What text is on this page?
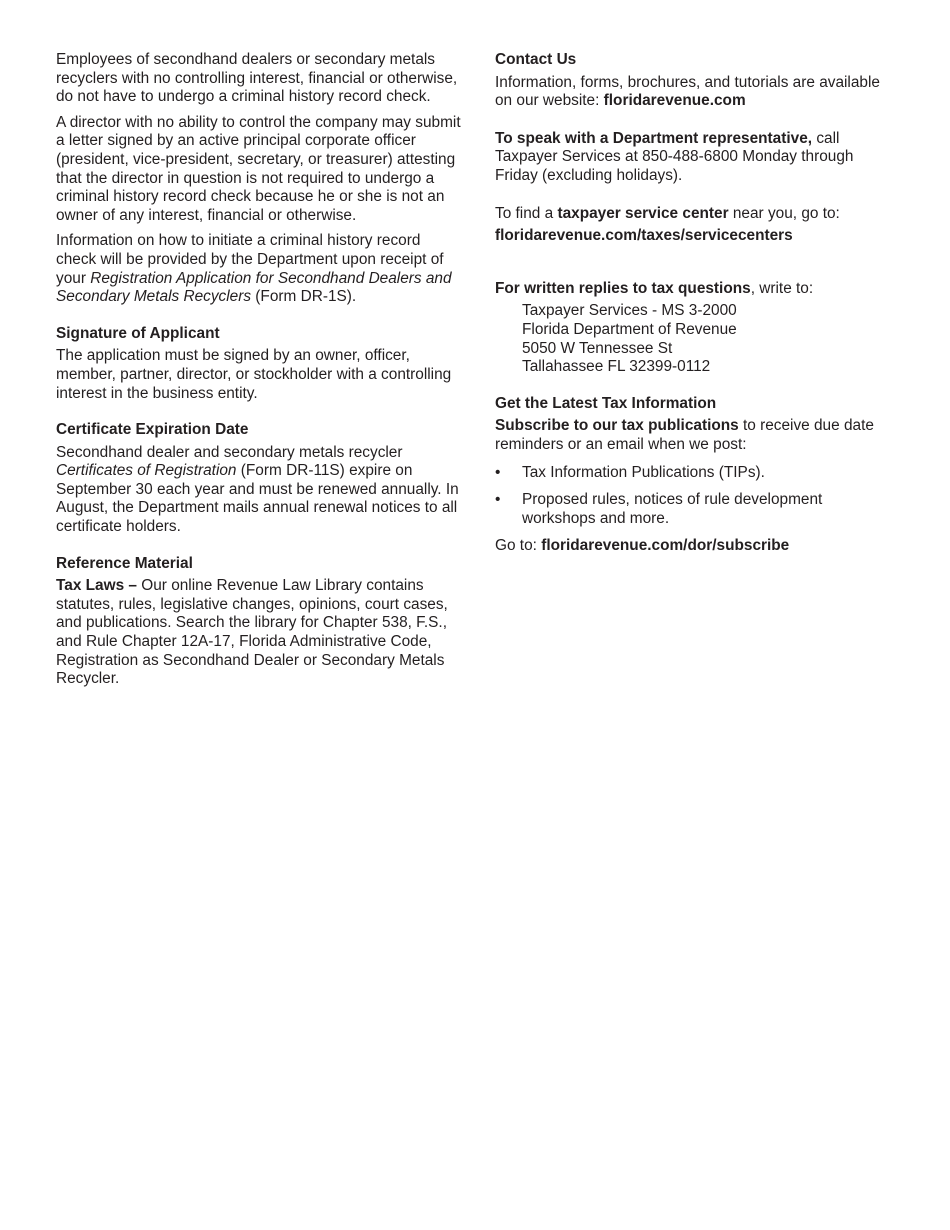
Employees of secondhand dealers or secondary metals recyclers with no controlling interest, financial or otherwise, do not have to undergo a criminal history record check.

A director with no ability to control the company may submit a letter signed by an active principal corporate officer (president, vice-president, secretary, or treasurer) attesting that the director in question is not required to undergo a criminal history record check because he or she is not an owner of any interest, financial or otherwise.

Information on how to initiate a criminal history record check will be provided by the Department upon receipt of your Registration Application for Secondhand Dealers and Secondary Metals Recyclers (Form DR-1S).

Signature of Applicant

The application must be signed by an owner, officer, member, partner, director, or stockholder with a controlling interest in the business entity.

Certificate Expiration Date

Secondhand dealer and secondary metals recycler Certificates of Registration (Form DR-11S) expire on September 30 each year and must be renewed annually. In August, the Department mails annual renewal notices to all certificate holders.

Reference Material

Tax Laws – Our online Revenue Law Library contains statutes, rules, legislative changes, opinions, court cases, and publications. Search the library for Chapter 538, F.S., and Rule Chapter 12A-17, Florida Administrative Code, Registration as Secondhand Dealer or Secondary Metals Recycler.

Contact Us

Information, forms, brochures, and tutorials are available on our website: floridarevenue.com

To speak with a Department representative, call Taxpayer Services at 850-488-6800 Monday through Friday (excluding holidays).

To find a taxpayer service center near you, go to:

floridarevenue.com/taxes/servicecenters

For written replies to tax questions, write to:

Taxpayer Services - MS 3-2000
Florida Department of Revenue
5050 W Tennessee St
Tallahassee FL 32399-0112
Get the Latest Tax Information

Subscribe to our tax publications to receive due date reminders or an email when we post:

• Tax Information Publications (TIPs).
• Proposed rules, notices of rule development workshops and more.

Go to: floridarevenue.com/dor/subscribe
